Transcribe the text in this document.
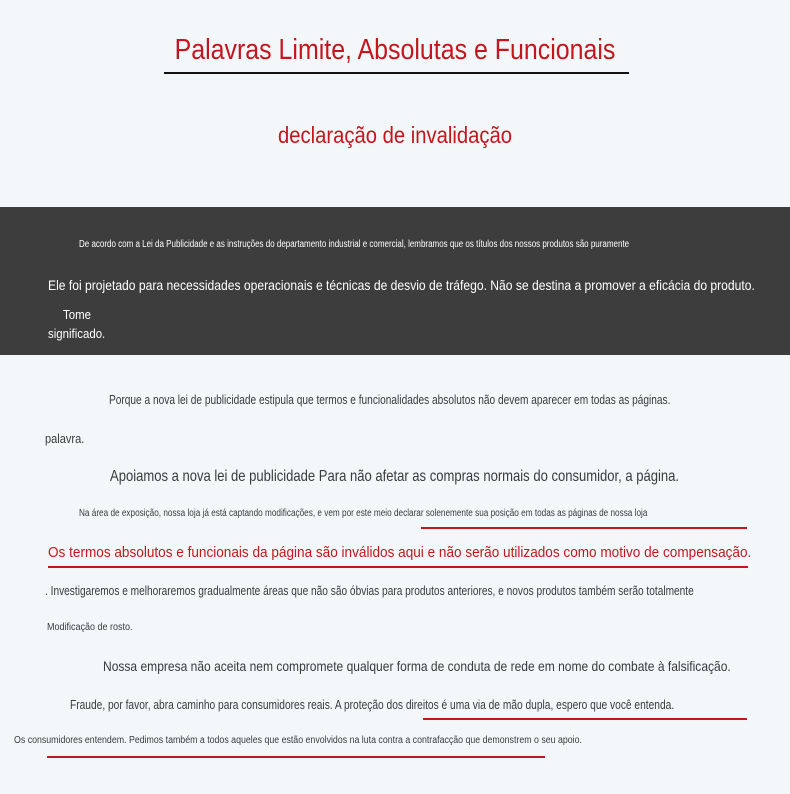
Palavras Limite, Absolutas e Funcionais
declaração de invalidação
De acordo com a Lei da Publicidade e as instruções do departamento industrial e comercial, lembramos que os títulos dos nossos produtos são puramente
Ele foi projetado para necessidades operacionais e técnicas de desvio de tráfego. Não se destina a promover a eficácia do produto.
Tome
significado.
Porque a nova lei de publicidade estipula que termos e funcionalidades absolutos não devem aparecer em todas as páginas.
palavra.
Apoiamos a nova lei de publicidade Para não afetar as compras normais do consumidor, a página.
Na área de exposição, nossa loja já está captando modificações, e vem por este meio declarar solenemente sua posição em todas as páginas de nossa loja
Os termos absolutos e funcionais da página são inválidos aqui e não serão utilizados como motivo de compensação.
. Investigaremos e melhoraremos gradualmente áreas que não são óbvias para produtos anteriores, e novos produtos também serão totalmente
Modificação de rosto.
Nossa empresa não aceita nem compromete qualquer forma de conduta de rede em nome do combate à falsificação.
Fraude, por favor, abra caminho para consumidores reais. A proteção dos direitos é uma via de mão dupla, espero que você entenda.
Os consumidores entendem. Pedimos também a todos aqueles que estão envolvidos na luta contra a contrafacção que demonstrem o seu apoio.
